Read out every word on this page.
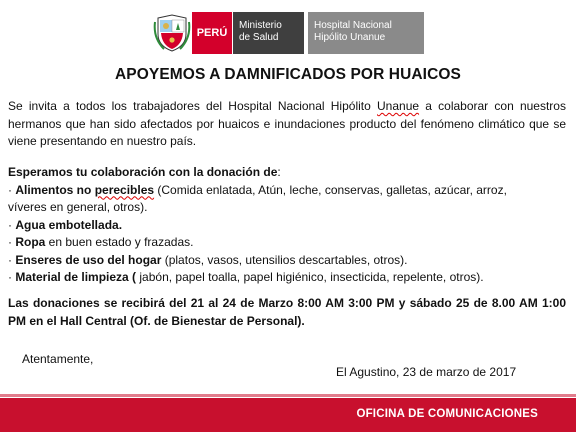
PERÚ
Ministerio
de Salud
Hospital Nacional
Hipólito Unanue
APOYEMOS A DAMNIFICADOS POR HUAICOS
Se invita a todos los trabajadores del Hospital Nacional Hipólito Unanue a colaborar con nuestros hermanos que han sido afectados por huaicos e inundaciones producto del fenómeno climático que se viene presentando en nuestro país.
Esperamos tu colaboración con la donación de:
· Alimentos no perecibles (Comida enlatada, Atún, leche, conservas, galletas, azúcar, arroz,
víveres en general, otros).
· Agua embotellada.
· Ropa en buen estado y frazadas.
· Enseres de uso del hogar (platos, vasos, utensilios descartables, otros).
· Material de limpieza ( jabón, papel toalla, papel higiénico, insecticida, repelente, otros).
Las donaciones se recibirá del 21 al 24 de Marzo 8:00 AM 3:00 PM y sábado 25 de 8.00 AM 1:00 PM en el Hall Central (Of. de Bienestar de Personal).
Atentamente,
El Agustino, 23 de marzo de 2017
OFICINA DE COMUNICACIONES
